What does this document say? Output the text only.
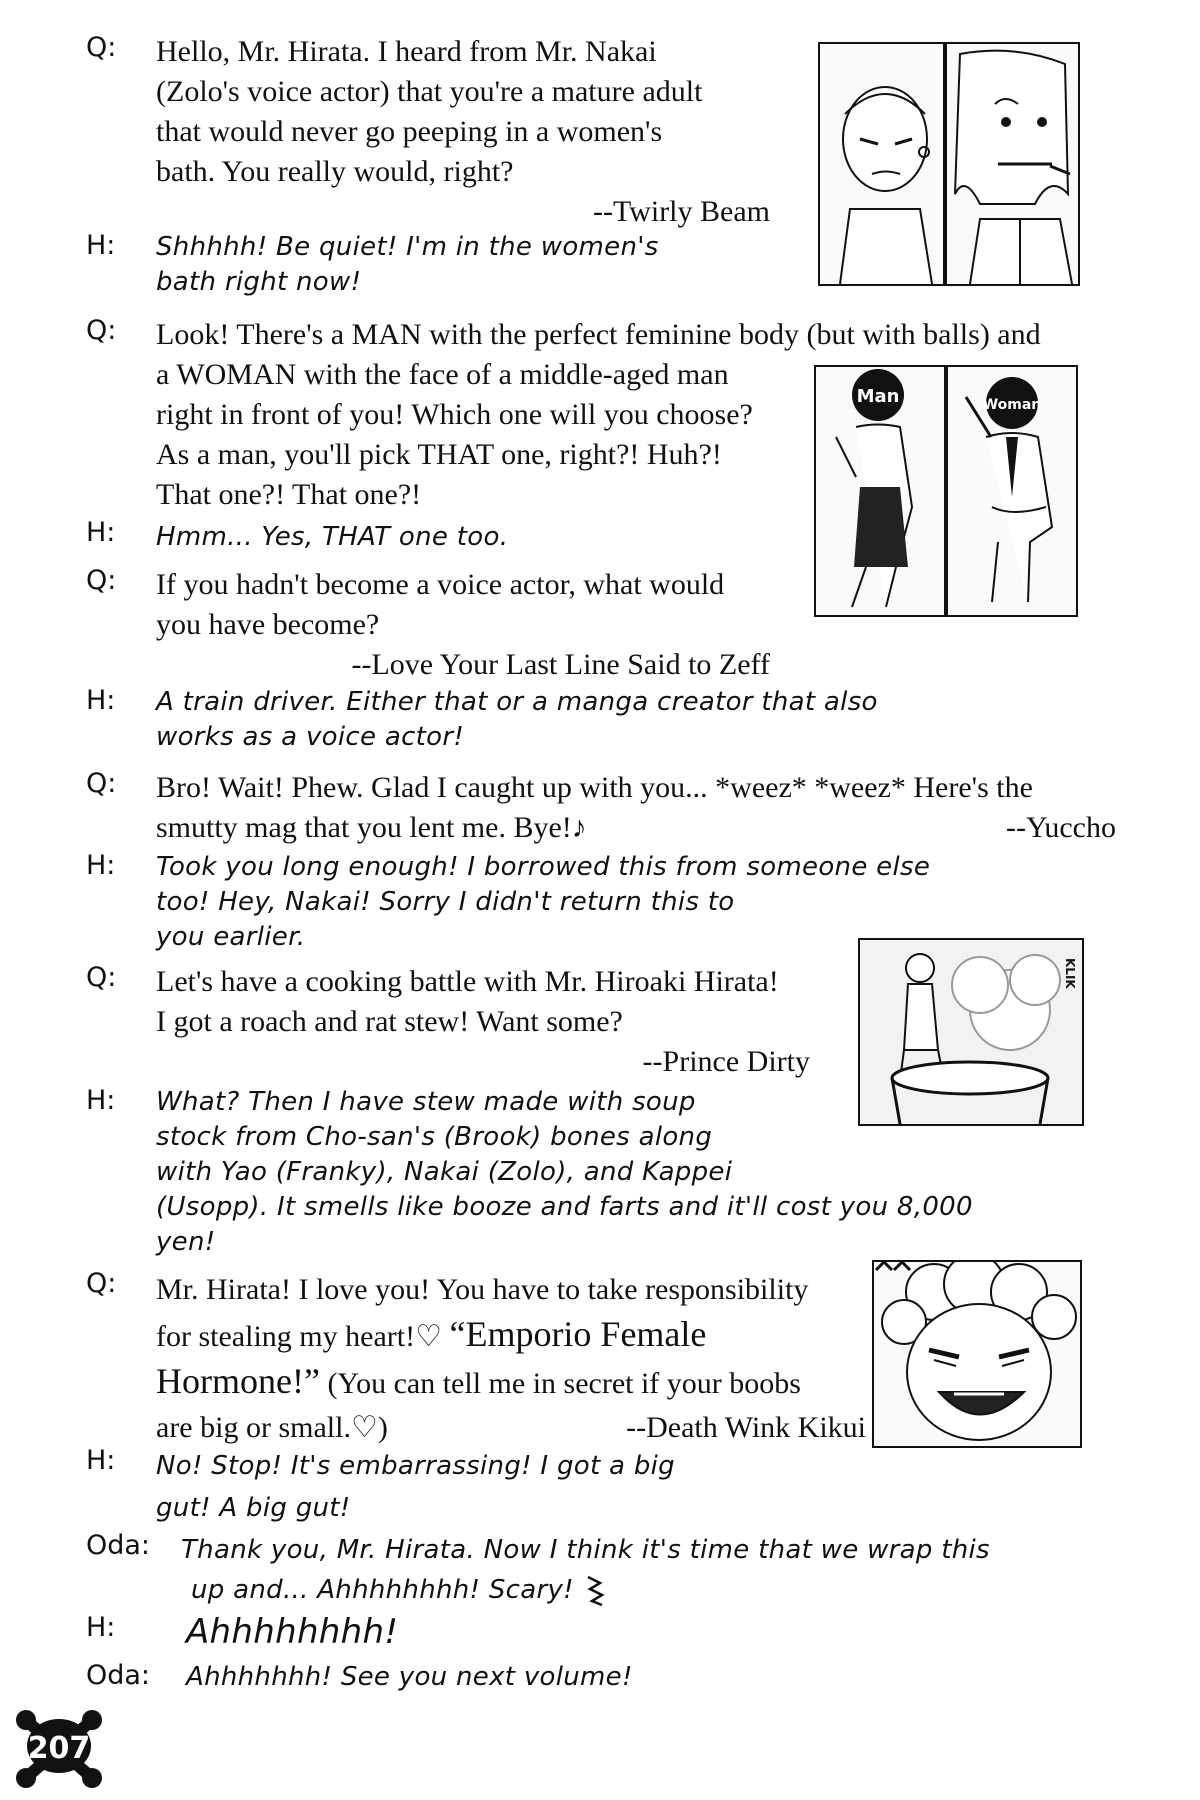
Q: Hello, Mr. Hirata. I heard from Mr. Nakai
(Zolo's voice actor) that you're a mature adult
that would never go peeping in a women's
bath. You really would, right?
--Twirly Beam
H: Shhhhh! Be quiet! I'm in the women's
bath right now!
Q: Look! There's a MAN with the perfect feminine body (but with balls) and
a WOMAN with the face of a middle-aged man
right in front of you! Which one will you choose?
As a man, you'll pick THAT one, right?! Huh?!
That one?! That one?!
H: Hmm... Yes, THAT one too.
Q: If you hadn't become a voice actor, what would
you have become?
--Love Your Last Line Said to Zeff
H: A train driver. Either that or a manga creator that also
works as a voice actor!
Q: Bro! Wait! Phew. Glad I caught up with you... *weez* *weez* Here's the
smutty mag that you lent me. Bye!♪	--Yuccho
H: Took you long enough! I borrowed this from someone else
too! Hey, Nakai! Sorry I didn't return this to
you earlier.
Q: Let's have a cooking battle with Mr. Hiroaki Hirata!
I got a roach and rat stew! Want some?
--Prince Dirty
H: What? Then I have stew made with soup
stock from Cho-san's (Brook) bones along
with Yao (Franky), Nakai (Zolo), and Kappei
(Usopp). It smells like booze and farts and it'll cost you 8,000
yen!
Q: Mr. Hirata! I love you! You have to take responsibility
for stealing my heart!♡ “Emporio Female
Hormone!” (You can tell me in secret if your boobs
are big or small.♡)	--Death Wink Kikui
H: No! Stop! It's embarrassing! I got a big
gut! A big gut!
Oda: Thank you, Mr. Hirata. Now I think it's time that we wrap this
up and... Ahhhhhhhh! Scary!
H: Ahhhhhhhh!
Oda: Ahhhhhhh! See you next volume!
Man	Woman
KLIK
207
